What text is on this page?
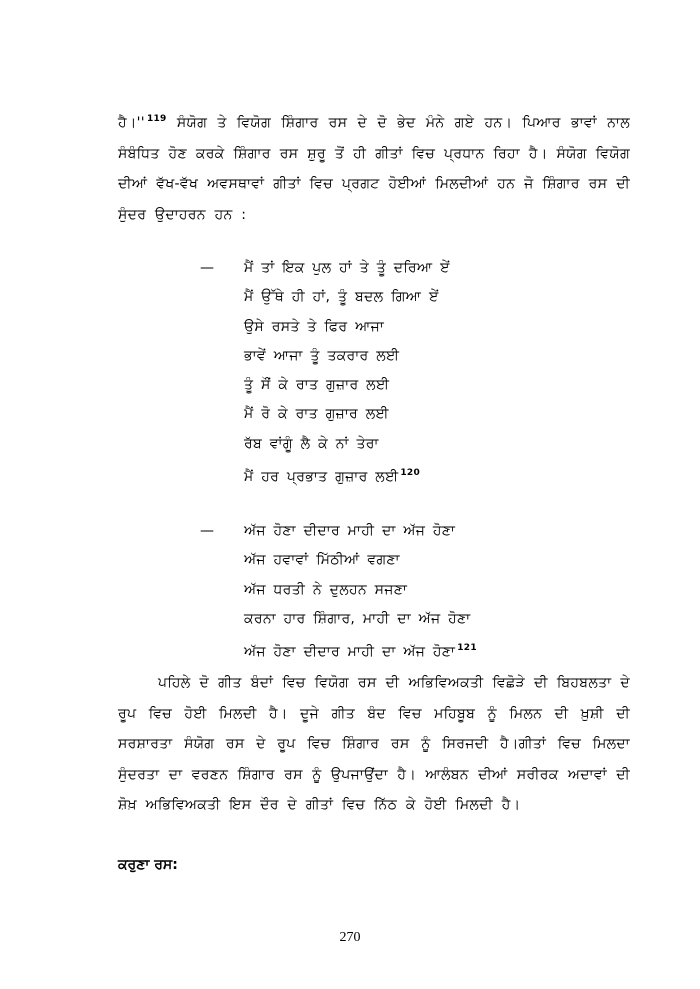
ਹੈ।'' $^{119}$ ਸੰਯੋਗ ਤੇ ਵਿਯੋਗ ਸ਼ਿੰਗਾਰ ਰਸ ਦੇ ਦੋ ਭੇਦ ਮੰਨੇ ਗਏ ਹਨ। ਪਿਆਰ ਭਾਵਾਂ ਨਾਲ ਸੰਬੰਧਿਤ ਹੋਣ ਕਰਕੇ ਸ਼ਿੰਗਾਰ ਰਸ ਸ਼ੁਰੂ ਤੋਂ ਹੀ ਗੀਤਾਂ ਵਿਚ ਪ੍ਰਧਾਨ ਰਿਹਾ ਹੈ। ਸੰਯੋਗ ਵਿਯੋਗ ਦੀਆਂ ਵੱਖ-ਵੱਖ ਅਵਸਥਾਵਾਂ ਗੀਤਾਂ ਵਿਚ ਪ੍ਰਗਟ ਹੋਈਆਂ ਮਿਲਦੀਆਂ ਹਨ ਜੋ ਸ਼ਿੰਗਾਰ ਰਸ ਦੀ ਸੁੰਦਰ ਉਦਾਹਰਨ ਹਨ :
—	ਮੈਂ ਤਾਂ ਇਕ ਪੁਲ ਹਾਂ ਤੇ ਤੂੰ ਦਰਿਆ ਏਂ
ਮੈਂ ਉੱਥੇ ਹੀ ਹਾਂ, ਤੂੰ ਬਦਲ ਗਿਆ ਏਂ
ਉਸੇ ਰਸਤੇ ਤੇ ਫਿਰ ਆਜਾ
ਭਾਵੇਂ ਆਜਾ ਤੂੰ ਤਕਰਾਰ ਲਈ
ਤੂੰ ਸੌਂ ਕੇ ਰਾਤ ਗੁਜ਼ਾਰ ਲਈ
ਮੈਂ ਰੋ ਕੇ ਰਾਤ ਗੁਜ਼ਾਰ ਲਈ
ਰੱਬ ਵਾਂਗੂੰ ਲੈ ਕੇ ਨਾਂ ਤੇਰਾ
ਮੈਂ ਹਰ ਪ੍ਰਭਾਤ ਗੁਜ਼ਾਰ ਲਈ $^{120}$
—	ਅੱਜ ਹੋਣਾ ਦੀਦਾਰ ਮਾਹੀ ਦਾ ਅੱਜ ਹੋਣਾ
ਅੱਜ ਹਵਾਵਾਂ ਮਿੱਠੀਆਂ ਵਗਣਾ
ਅੱਜ ਧਰਤੀ ਨੇ ਦੁਲਹਨ ਸਜਣਾ
ਕਰਨਾ ਹਾਰ ਸ਼ਿੰਗਾਰ, ਮਾਹੀ ਦਾ ਅੱਜ ਹੋਣਾ
ਅੱਜ ਹੋਣਾ ਦੀਦਾਰ ਮਾਹੀ ਦਾ ਅੱਜ ਹੋਣਾ $^{121}$
ਪਹਿਲੇ ਦੋ ਗੀਤ ਬੰਦਾਂ ਵਿਚ ਵਿਯੋਗ ਰਸ ਦੀ ਅਭਿਵਿਅਕਤੀ ਵਿਛੋੜੇ ਦੀ ਬਿਹਬਲਤਾ ਦੇ ਰੂਪ ਵਿਚ ਹੋਈ ਮਿਲਦੀ ਹੈ। ਦੂਜੇ ਗੀਤ ਬੰਦ ਵਿਚ ਮਹਿਬੂਬ ਨੂੰ ਮਿਲਨ ਦੀ ਖ਼ੁਸ਼ੀ ਦੀ ਸਰਸ਼ਾਰਤਾ ਸੰਯੋਗ ਰਸ ਦੇ ਰੂਪ ਵਿਚ ਸ਼ਿੰਗਾਰ ਰਸ ਨੂੰ ਸਿਰਜਦੀ ਹੈ।ਗੀਤਾਂ ਵਿਚ ਮਿਲਦਾ ਸੁੰਦਰਤਾ ਦਾ ਵਰਣਨ ਸ਼ਿੰਗਾਰ ਰਸ ਨੂੰ ਉਪਜਾਉਂਦਾ ਹੈ। ਆਲੰਬਨ ਦੀਆਂ ਸਰੀਰਕ ਅਦਾਵਾਂ ਦੀ ਸ਼ੋਖ਼ ਅਭਿਵਿਅਕਤੀ ਇਸ ਦੌਰ ਦੇ ਗੀਤਾਂ ਵਿਚ ਨਿੱਠ ਕੇ ਹੋਈ ਮਿਲਦੀ ਹੈ।
ਕਰੁਣਾ ਰਸ:
270
